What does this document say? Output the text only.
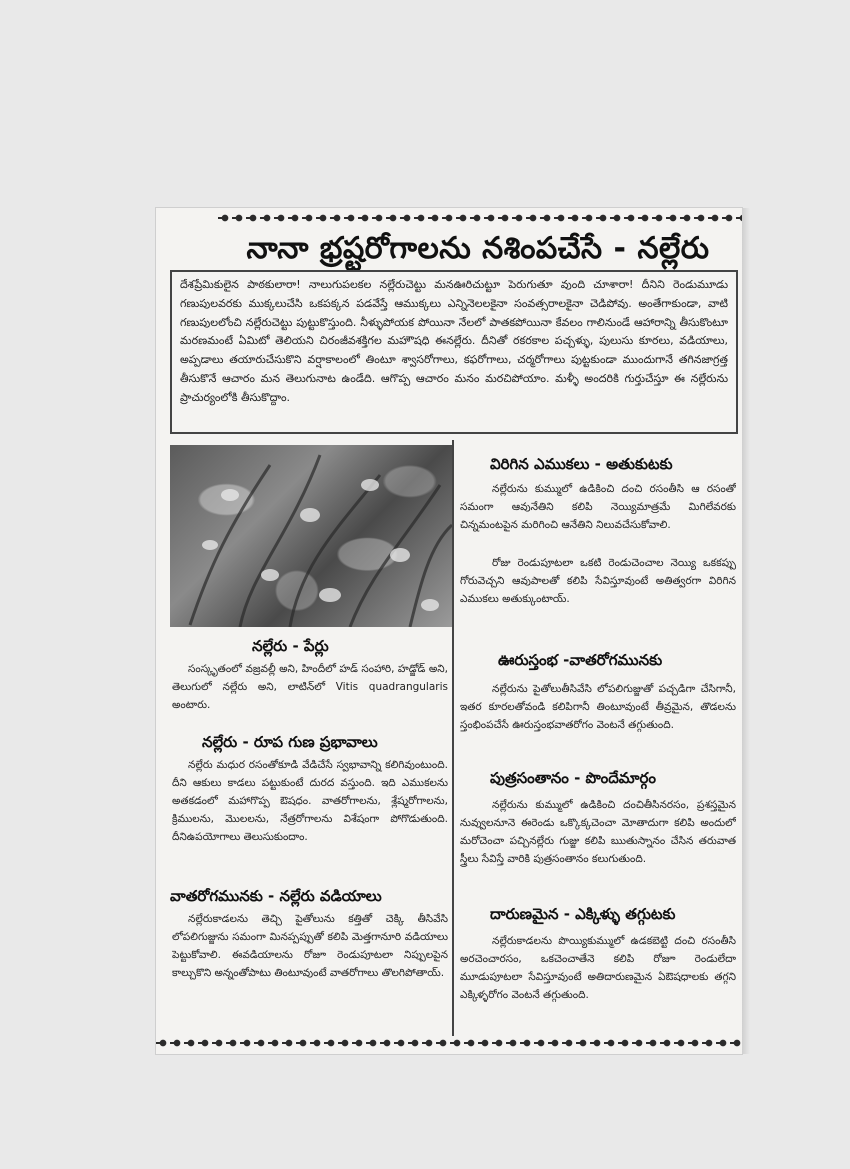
నానా భ్రష్టరోగాలను నశింపచేసే - నల్లేరు
దేశప్రేమికులైన పాఠకులారా! నాలుగుపలకల నల్లేరుచెట్టు మనఊరిచుట్టూ పెరుగుతూ వుంది చూశారా! దీనిని రెండుమూడు గణుపులవరకు ముక్కలుచేసి ఒకపక్కన పడవేస్తే ఆముక్కలు ఎన్నినెలలకైనా సంవత్సరాలకైనా చెడిపోవు. అంతేగాకుండా, వాటి గణుపులలోంచి నల్లేరుచెట్టు పుట్టుకొస్తుంది. నీళ్ళుపోయక పోయినా నేలలో పాతకపోయినా కేవలం గాలినుండే ఆహారాన్ని తీసుకొంటూ మరణమంటే ఏమిటో తెలియని చిరంజీవశక్తిగల మహౌషధి ఈనల్లేరు. దీనితో రకరకాల పచ్చళ్ళు, పులుసు కూరలు, వడియాలు, అప్పడాలు తయారుచేసుకొని వర్షాకాలంలో తింటూ శ్వాసరోగాలు, కఫరోగాలు, చర్మరోగాలు పుట్టకుండా ముందుగానే తగినజాగ్రత్త తీసుకొనే ఆచారం మన తెలుగునాట ఉండేది. ఆగొప్ప ఆచారం మనం మరచిపోయాం. మళ్ళీ అందరికి గుర్తుచేస్తూ ఈ నల్లేరును ప్రాచుర్యంలోకి తీసుకొద్దాం.
నల్లేరు - పేర్లు
సంస్కృతంలో వజ్రవల్లీ అని, హిందీలో హడ్ సంహారి, హడ్జోడ్ అని, తెలుగులో నల్లేరు అని, లాటిన్‌లో Vitis quadrangularis అంటారు.
నల్లేరు - రూప గుణ ప్రభావాలు
నల్లేరు మధుర రసంతోకూడి వేడిచేసే స్వభావాన్ని కలిగివుంటుంది. దీని ఆకులు కాడలు పట్టుకుంటే దురద వస్తుంది. ఇది ఎముకలను అతకడంలో మహాగొప్ప ఔషధం. వాతరోగాలను, శ్లేష్మరోగాలను, క్రిములను, మొలలను, నేత్రరోగాలను విశేషంగా పోగొడుతుంది. దీనిఉపయోగాలు తెలుసుకుందాం.
వాతరోగమునకు - నల్లేరు వడియాలు
నల్లేరుకాడలను తెచ్చి పైతోలును కత్తితో చెక్కి తీసివేసి లోపలిగుజ్జును సమంగా మినప్పప్పుతో కలిపి మెత్తగానూరి వడియాలు పెట్టుకోవాలి. ఈవడియాలను రోజూ రెండుపూటలా నిప్పులపైన కాల్చుకొని అన్నంతోపాటు తింటూవుంటే వాతరోగాలు తొలగిపోతాయ్.
విరిగిన ఎముకలు - అతుకుటకు
నల్లేరును కుమ్ములో ఉడికించి దంచి రసంతీసి ఆ రసంతో సమంగా ఆవునేతిని కలిపి నెయ్యిమాత్రమే మిగిలేవరకు చిన్నమంటపైన మరిగించి ఆనేతిని నిలువచేసుకోవాలి.
రోజు రెండుపూటలా ఒకటి రెండుచెంచాల నెయ్యి ఒకకప్పు గోరువెచ్చని ఆవుపాలతో కలిపి సేవిస్తూవుంటే అతిత్వరగా విరిగిన ఎముకలు అతుక్కుంటాయ్.
ఊరుస్తంభ -వాతరోగమునకు
నల్లేరును పైతోలుతీసివేసి లోపలిగుజ్జుతో పచ్చడిగా చేసిగానీ, ఇతర కూరలతోవండి కలిపిగానీ తింటూవుంటే తీవ్రమైన, తొడలను స్తంభింపచేసే ఊరుస్తంభవాతరోగం వెంటనే తగ్గుతుంది.
పుత్రసంతానం - పొందేమార్గం
నల్లేరును కుమ్ములో ఉడికించి దంచితీసినరసం, ప్రశస్తమైన నువ్వులనూనె ఈరెండు ఒక్కొక్కచెంచా మోతాదుగా కలిపి అందులో మరోచెంచా పచ్చినల్లేరు గుజ్జు కలిపి ఋతుస్నానం చేసిన తరువాత స్త్రీలు సేవిస్తే వారికి పుత్రసంతానం కలుగుతుంది.
దారుణమైన - ఎక్కిళ్ళు తగ్గుటకు
నల్లేరుకాడలను పొయ్యికుమ్ములో ఉడకబెట్టి దంచి రసంతీసి అరచెంచారసం, ఒకచెంచాతేనె కలిపి రోజూ రెండులేదా మూడుపూటలా సేవిస్తూవుంటే అతిదారుణమైన ఏఔషధాలకు తగ్గని ఎక్కిళ్ళరోగం వెంటనే తగ్గుతుంది.
